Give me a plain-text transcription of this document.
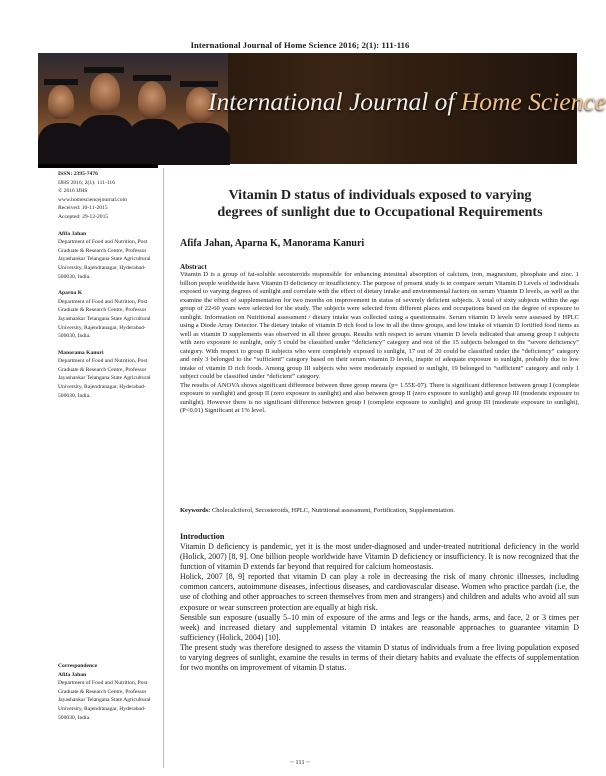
International Journal of Home Science 2016; 2(1): 111-116
International Journal of Home Science
ISSN: 2395-7476
IJHS 2016; 2(1): 111-116
© 2016 IJHS
www.homesciencejournal.com
Received: 10-11-2015
Accepted: 29-12-2015
Afifa Jahan
Department of Food and Nutrition, Post Graduate & Research Centre, Professor Jayashankar Telangana State Agricultural University, Rajendranagar, Hyderabad-500030, India.
Aparna K
Department of Food and Nutrition, Post Graduate & Research Centre, Professor Jayashankar Telangana State Agricultural University, Rajendranagar, Hyderabad-500030, India.
Manorama Kanuri
Department of Food and Nutrition, Post Graduate & Research Centre, Professor Jayashankar Telangana State Agricultural University, Rajendranagar, Hyderabad-500030, India.
Correspondence
Afifa Jahan
Department of Food and Nutrition, Post Graduate & Research Centre, Professor Jayashankar Telangana State Agricultural University, Rajendranagar, Hyderabad-500030, India.
Vitamin D status of individuals exposed to varying
degrees of sunlight due to Occupational Requirements
Afifa Jahan, Aparna K, Manorama Kanuri
Abstract

Vitamin D is a group of fat-soluble secosteroids responsible for enhancing intestinal absorption of calcium, iron, magnesium, phosphate and zinc. 1 billion people worldwide have Vitamin D deficiency or insufficiency. The purpose of present study is to compare serum Vitamin D Levels of individuals exposed to varying degrees of sunlight and correlate with the effect of dietary intake and environmental factors on serum Vitamin D levels, as well as the examine the effect of supplementation for two months on improvement in status of severely deficient subjects. A total of sixty subjects within the age group of 22-60 years were selected for the study. The subjects were selected from different places and occupations based on the degree of exposure to sunlight. Information on Nutritional assessment / dietary intake was collected using a questionnaire. Serum vitamin D levels were assessed by HPLC using a Diode Array Detector. The dietary intake of vitamin D rich food is low in all the three groups, and low intake of vitamin D fortified food items as well as vitamin D supplements was observed in all three groups. Results with respect to serum vitamin D levels indicated that among group I subjects with zero exposure to sunlight, only 5 could be classified under “deficiency” category and rest of the 15 subjects belonged to the “severe deficiency” category. With respect to group II subjects who were completely exposed to sunlight, 17 out of 20 could be classified under the “deficiency” category and only 3 belonged to the “sufficient” category based on their serum vitamin D levels, inspite of adequate exposure to sunlight, probably due to low intake of vitamin D rich foods. Among group III subjects who were moderately exposed to sunlight, 19 belonged to “sufficient” category and only 1 subject could be classified under “deficient” category.

The results of ANOVA shows significant difference between three group means (p= 1.55E-07). There is significant difference between group I (complete exposure to sunlight) and group II (zero exposure to sunlight) and also between group II (zero exposure to sunlight) and group III (moderate exposure to sunlight). However there is no significant difference between group I (complete exposure to sunlight) and group III (moderate exposure to sunlight), (P<0.01) Significant at 1% level.

Keywords: Cholecalciferol, Secosteroids, HPLC, Nutritional assessment, Fortification, Supplementation.
Introduction

Vitamin D deficiency is pandemic, yet it is the most under-diagnosed and under-treated nutritional deficiency in the world (Holick, 2007) [8, 9]. One billion people worldwide have Vitamin D deficiency or insufficiency. It is now recognized that the function of vitamin D extends far beyond that required for calcium homeostasis.

Holick, 2007 [8, 9] reported that vitamin D can play a role in decreasing the risk of many chronic illnesses, including common cancers, autoimmune diseases, infectious diseases, and cardiovascular disease. Women who practice pardah (i.e, the use of clothing and other approaches to screen themselves from men and strangers) and children and adults who avoid all sun exposure or wear sunscreen protection are equally at high risk.

Sensible sun exposure (usually 5–10 min of exposure of the arms and legs or the hands, arms, and face, 2 or 3 times per week) and increased dietary and supplemental vitamin D intakes are reasonable approaches to guarantee vitamin D sufficiency (Holick, 2004) [10].

The present study was therefore designed to assess the vitamin D status of individuals from a free living population exposed to varying degrees of sunlight, examine the results in terms of their dietary habits and evaluate the effects of supplementation for two months on improvement of vitamin D status.

~ 111 ~
